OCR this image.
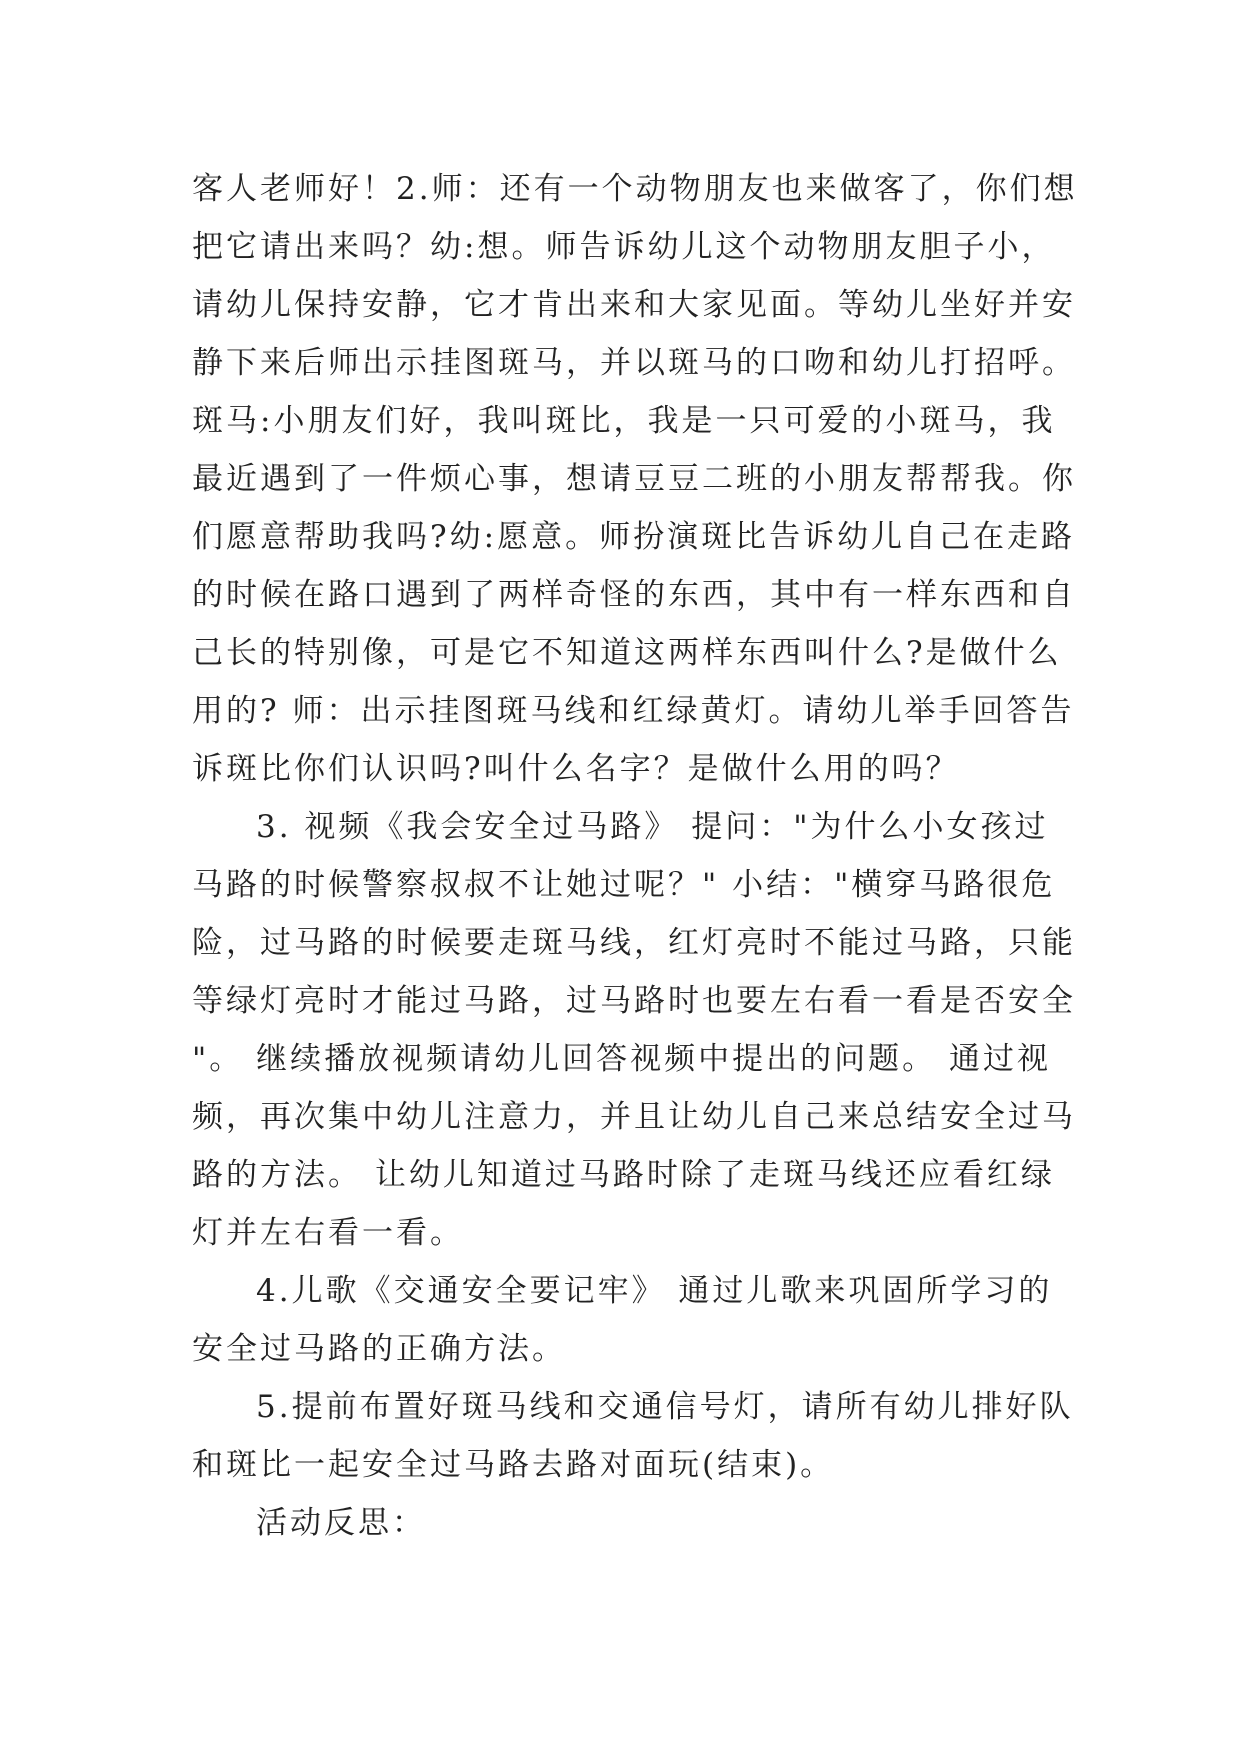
客人老师好！2.师：还有一个动物朋友也来做客了，你们想
把它请出来吗？幼:想。师告诉幼儿这个动物朋友胆子小，
请幼儿保持安静，它才肯出来和大家见面。等幼儿坐好并安
静下来后师出示挂图斑马，并以斑马的口吻和幼儿打招呼。
斑马:小朋友们好，我叫斑比，我是一只可爱的小斑马，我
最近遇到了一件烦心事，想请豆豆二班的小朋友帮帮我。你
们愿意帮助我吗?幼:愿意。师扮演斑比告诉幼儿自己在走路
的时候在路口遇到了两样奇怪的东西，其中有一样东西和自
己长的特别像，可是它不知道这两样东西叫什么?是做什么
用的? 师：出示挂图斑马线和红绿黄灯。请幼儿举手回答告
诉斑比你们认识吗?叫什么名字？是做什么用的吗？
3. 视频《我会安全过马路》 提问："为什么小女孩过
马路的时候警察叔叔不让她过呢？" 小结："横穿马路很危
险，过马路的时候要走斑马线，红灯亮时不能过马路，只能
等绿灯亮时才能过马路，过马路时也要左右看一看是否安全
"。 继续播放视频请幼儿回答视频中提出的问题。 通过视
频，再次集中幼儿注意力，并且让幼儿自己来总结安全过马
路的方法。 让幼儿知道过马路时除了走斑马线还应看红绿
灯并左右看一看。
4.儿歌《交通安全要记牢》 通过儿歌来巩固所学习的
安全过马路的正确方法。
5.提前布置好斑马线和交通信号灯，请所有幼儿排好队
和斑比一起安全过马路去路对面玩(结束)。
活动反思：
